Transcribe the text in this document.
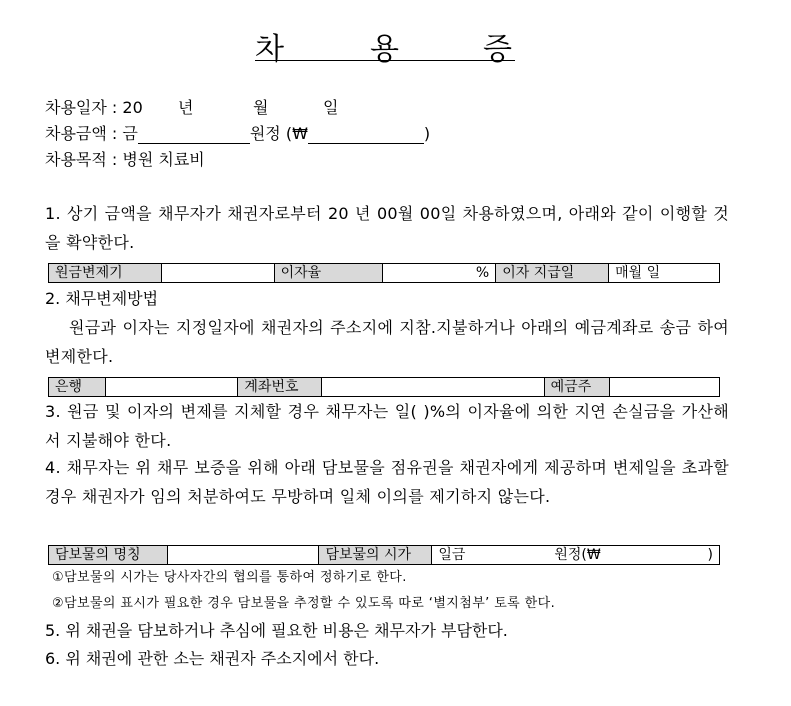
차	용	증
차용일자 : 20 년	월	일
차용금액 : 금	원정 (₩	)
차용목적 : 병원 치료비
1. 상기 금액을 채무자가 채권자로부터 20 년 00월 00일 차용하였으며, 아래와 같이 이행할 것을 확약한다.
원금변제기		이자율	%	이자 지급일	매월 일
2. 채무변제방법
원금과 이자는 지정일자에 채권자의 주소지에 지참.지불하거나 아래의 예금계좌로 송금 하여 변제한다.
은행		계좌번호		예금주	
3. 원금 및 이자의 변제를 지체할 경우 채무자는 일( )%의 이자율에 의한 지연 손실금을 가산해서 지불해야 한다.
4. 채무자는 위 채무 보증을 위해 아래 담보물을 점유권을 채권자에게 제공하며 변제일을 초과할 경우 채권자가 임의 처분하여도 무방하며 일체 이의를 제기하지 않는다.
담보물의 명칭		담보물의 시가	일금                    원정(₩                        )
①담보물의 시가는 당사자간의 협의를 통하여 정하기로 한다.
②담보물의 표시가 필요한 경우 담보물을 추정할 수 있도록 따로 ‘별지첨부’ 토록 한다.
5. 위 채권을 담보하거나 추심에 필요한 비용은 채무자가 부담한다.
6. 위 채권에 관한 소는 채권자 주소지에서 한다.
